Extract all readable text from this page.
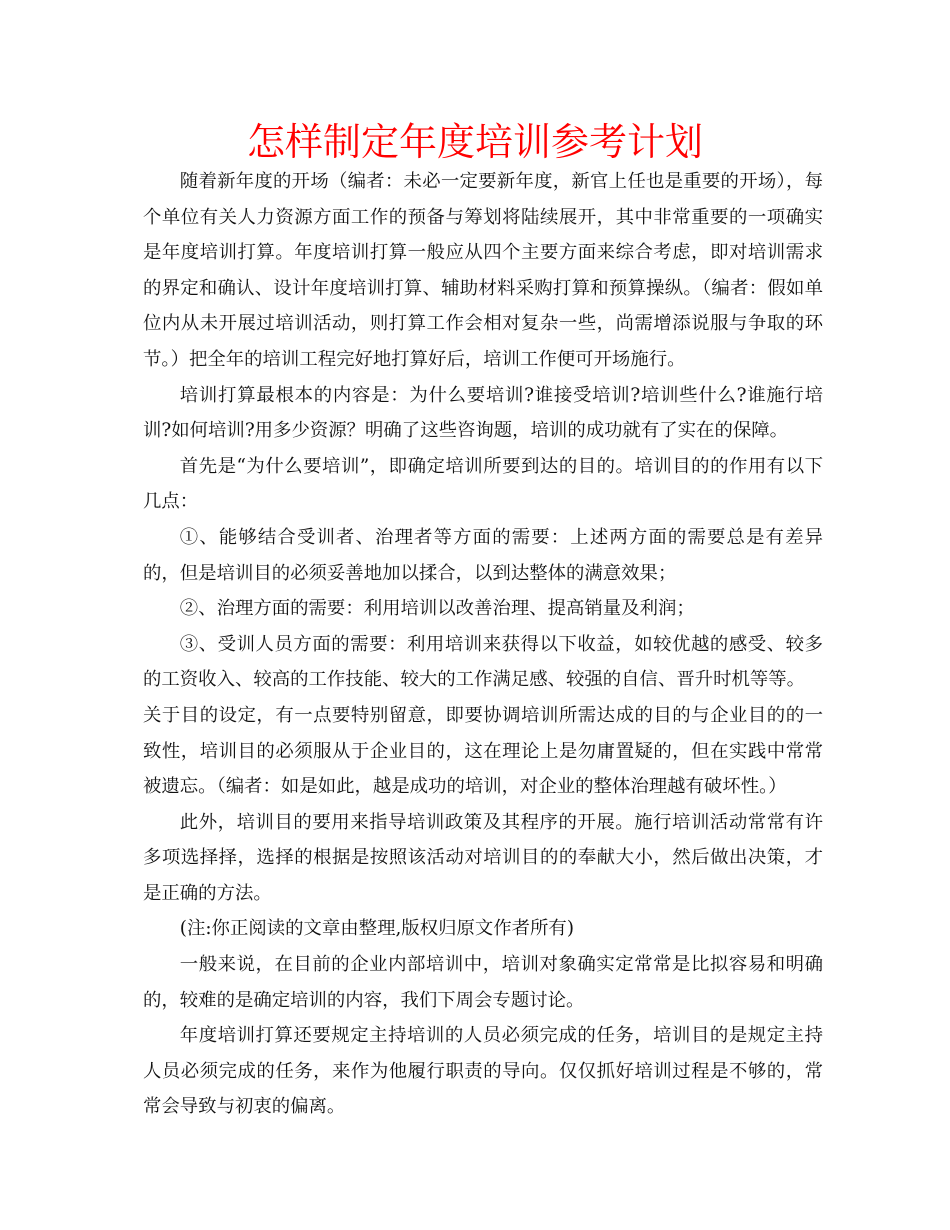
怎样制定年度培训参考计划

随着新年度的开场（编者：未必一定要新年度，新官上任也是重要的开场），每个单位有关人力资源方面工作的预备与筹划将陆续展开，其中非常重要的一项确实是年度培训打算。年度培训打算一般应从四个主要方面来综合考虑，即对培训需求的界定和确认、设计年度培训打算、辅助材料采购打算和预算操纵。（编者：假如单位内从未开展过培训活动，则打算工作会相对复杂一些，尚需增添说服与争取的环节。）把全年的培训工程完好地打算好后，培训工作便可开场施行。

培训打算最根本的内容是：为什么要培训?谁接受培训?培训些什么?谁施行培训?如何培训?用多少资源？明确了这些咨询题，培训的成功就有了实在的保障。

首先是“为什么要培训”，即确定培训所要到达的目的。培训目的的作用有以下几点：

①、能够结合受训者、治理者等方面的需要：上述两方面的需要总是有差异的，但是培训目的必须妥善地加以揉合，以到达整体的满意效果；

②、治理方面的需要：利用培训以改善治理、提高销量及利润；

③、受训人员方面的需要：利用培训来获得以下收益，如较优越的感受、较多的工资收入、较高的工作技能、较大的工作满足感、较强的自信、晋升时机等等。

关于目的设定，有一点要特别留意，即要协调培训所需达成的目的与企业目的的一致性，培训目的必须服从于企业目的，这在理论上是勿庸置疑的，但在实践中常常被遗忘。（编者：如是如此，越是成功的培训，对企业的整体治理越有破坏性。）

此外，培训目的要用来指导培训政策及其程序的开展。施行培训活动常常有许多项选择择，选择的根据是按照该活动对培训目的的奉献大小，然后做出决策，才是正确的方法。

(注:你正阅读的文章由整理,版权归原文作者所有)

一般来说，在目前的企业内部培训中，培训对象确实定常常是比拟容易和明确的，较难的是确定培训的内容，我们下周会专题讨论。

年度培训打算还要规定主持培训的人员必须完成的任务，培训目的是规定主持人员必须完成的任务，来作为他履行职责的导向。仅仅抓好培训过程是不够的，常常会导致与初衷的偏离。
